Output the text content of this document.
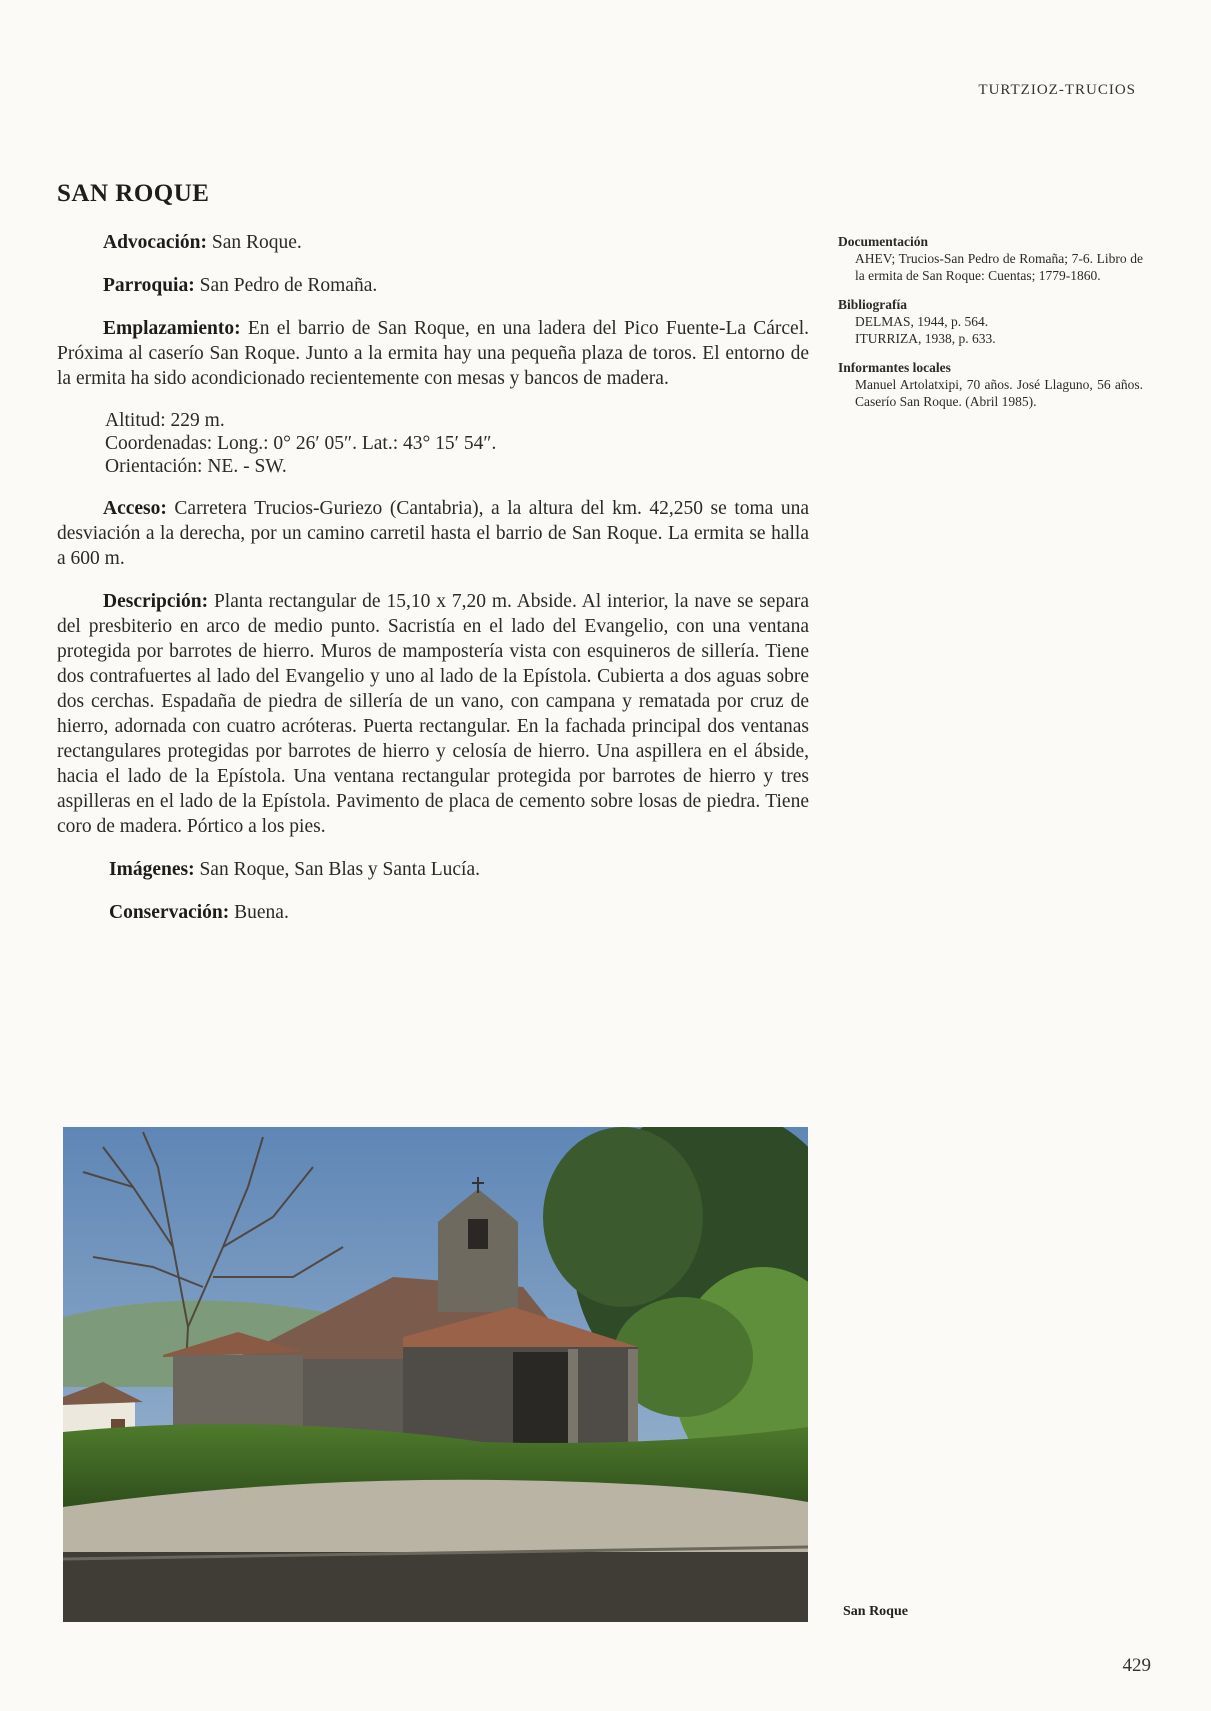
TURTZIOZ-TRUCIOS
SAN ROQUE

Advocación: San Roque.

Parroquia: San Pedro de Romaña.

Emplazamiento: En el barrio de San Roque, en una ladera del Pico Fuente-La Cárcel. Próxima al caserío San Roque. Junto a la ermita hay una pequeña plaza de toros. El entorno de la ermita ha sido acondicionado recientemente con mesas y bancos de madera.

Altitud: 229 m.
Coordenadas: Long.: 0° 26′ 05″. Lat.: 43° 15′ 54″.
Orientación: NE. - SW.

Acceso: Carretera Trucios-Guriezo (Cantabria), a la altura del km. 42,250 se toma una desviación a la derecha, por un camino carretil hasta el barrio de San Roque. La ermita se halla a 600 m.

Descripción: Planta rectangular de 15,10 x 7,20 m. Abside. Al interior, la nave se separa del presbiterio en arco de medio punto. Sacristía en el lado del Evangelio, con una ventana protegida por barrotes de hierro. Muros de mampostería vista con esquineros de sillería. Tiene dos contrafuertes al lado del Evangelio y uno al lado de la Epístola. Cubierta a dos aguas sobre dos cerchas. Espadaña de piedra de sillería de un vano, con campana y rematada por cruz de hierro, adornada con cuatro acróteras. Puerta rectangular. En la fachada principal dos ventanas rectangulares protegidas por barrotes de hierro y celosía de hierro. Una aspillera en el ábside, hacia el lado de la Epístola. Una ventana rectangular protegida por barrotes de hierro y tres aspilleras en el lado de la Epístola. Pavimento de placa de cemento sobre losas de piedra. Tiene coro de madera. Pórtico a los pies.

Imágenes: San Roque, San Blas y Santa Lucía.

Conservación: Buena.

Documentación
AHEV; Trucios-San Pedro de Romaña; 7-6. Libro de la ermita de San Roque: Cuentas; 1779-1860.
Bibliografía
DELMAS, 1944, p. 564.
ITURRIZA, 1938, p. 633.
Informantes locales
Manuel Artolatxipi, 70 años. José Llaguno, 56 años. Caserío San Roque. (Abril 1985).
San Roque
429
